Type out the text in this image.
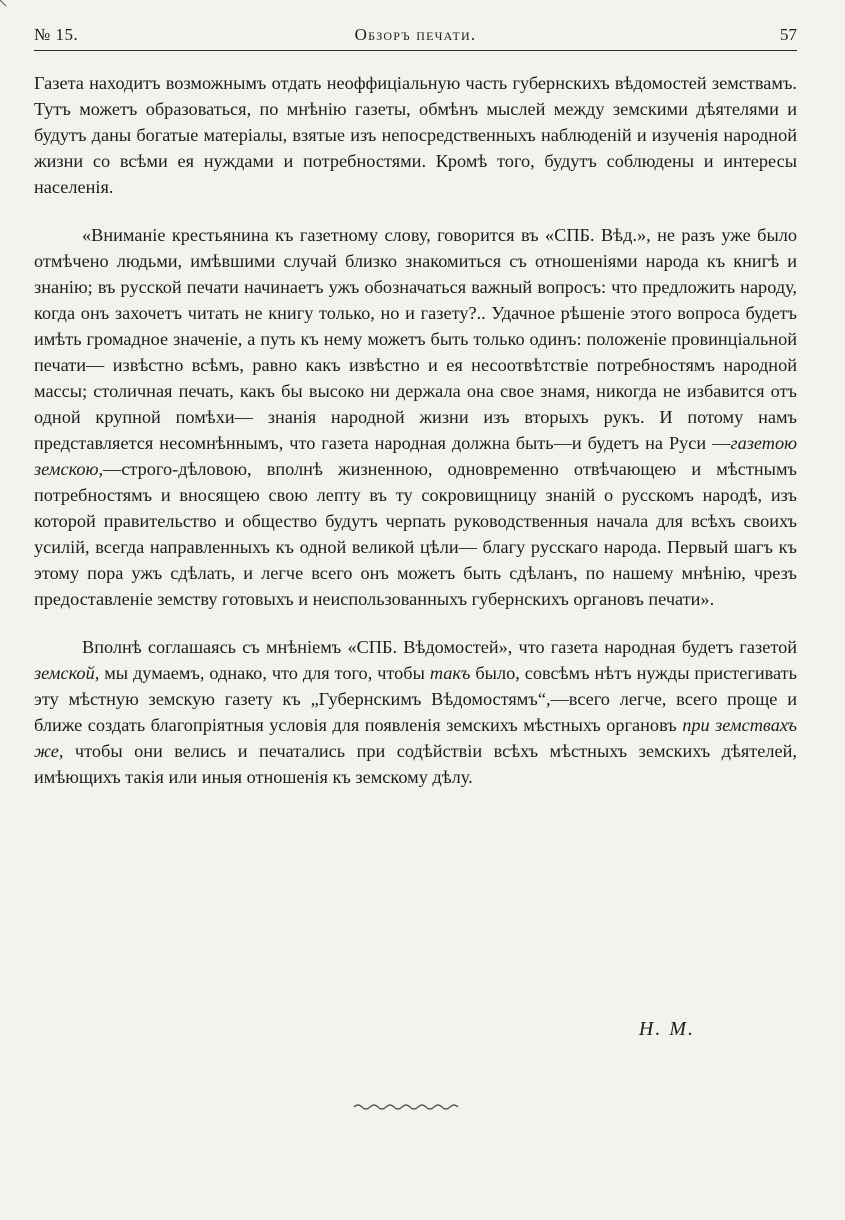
№ 15.	Обзоръ печати.	57

Газета находитъ возможнымъ отдать неоффиціальную часть губернскихъ вѣдомостей земствамъ. Тутъ можетъ образоваться, по мнѣнію газеты, обмѣнъ мыслей между земскими дѣятелями и будутъ даны богатые матеріалы, взятые изъ непосредственныхъ наблюденій и изученія народной жизни со всѣми ея нуждами и потребностями. Кромѣ того, будутъ соблюдены и интересы населенія.

«Вниманіе крестьянина къ газетному слову, говорится въ «СПБ. Вѣд.», не разъ уже было отмѣчено людьми, имѣвшими случай близко знакомиться съ отношеніями народа къ книгѣ и знанію; въ русской печати начинаетъ ужъ обозначаться важный вопросъ: что предложить народу, когда онъ захочетъ читать не книгу только, но и газету?.. Удачное рѣшеніе этого вопроса будетъ имѣть громадное значеніе, а путь къ нему можетъ быть только одинъ: положеніе провинціальной печати— извѣстно всѣмъ, равно какъ извѣстно и ея несоотвѣтствіе потребностямъ народной массы; столичная печать, какъ бы высоко ни держала она свое знамя, никогда не избавится отъ одной крупной помѣхи— знанія народной жизни изъ вторыхъ рукъ. И потому намъ представляется несомнѣннымъ, что газета народная должна быть—и будетъ на Руси —газетою земскою,—строго-дѣловою, вполнѣ жизненною, одновременно отвѣчающею и мѣстнымъ потребностямъ и вносящею свою лепту въ ту сокровищницу знаній о русскомъ народѣ, изъ которой правительство и общество будутъ черпать руководственныя начала для всѣхъ своихъ усилій, всегда направленныхъ къ одной великой цѣли— благу русскаго народа. Первый шагъ къ этому пора ужъ сдѣлать, и легче всего онъ можетъ быть сдѣланъ, по нашему мнѣнію, чрезъ предоставленіе земству готовыхъ и неиспользованныхъ губернскихъ органовъ печати».

Вполнѣ соглашаясь съ мнѣніемъ «СПБ. Вѣдомостей», что газета народная будетъ газетой земской, мы думаемъ, однако, что для того, чтобы такъ было, совсѣмъ нѣтъ нужды пристегивать эту мѣстную земскую газету къ „Губернскимъ Вѣдомостямъ“,—всего легче, всего проще и ближе создать благопріятныя условія для появленія земскихъ мѣстныхъ органовъ при земствахъ же, чтобы они велись и печатались при содѣйствіи всѣхъ мѣстныхъ земскихъ дѣятелей, имѣющихъ такія или иныя отношенія къ земскому дѣлу.

Н. М.
